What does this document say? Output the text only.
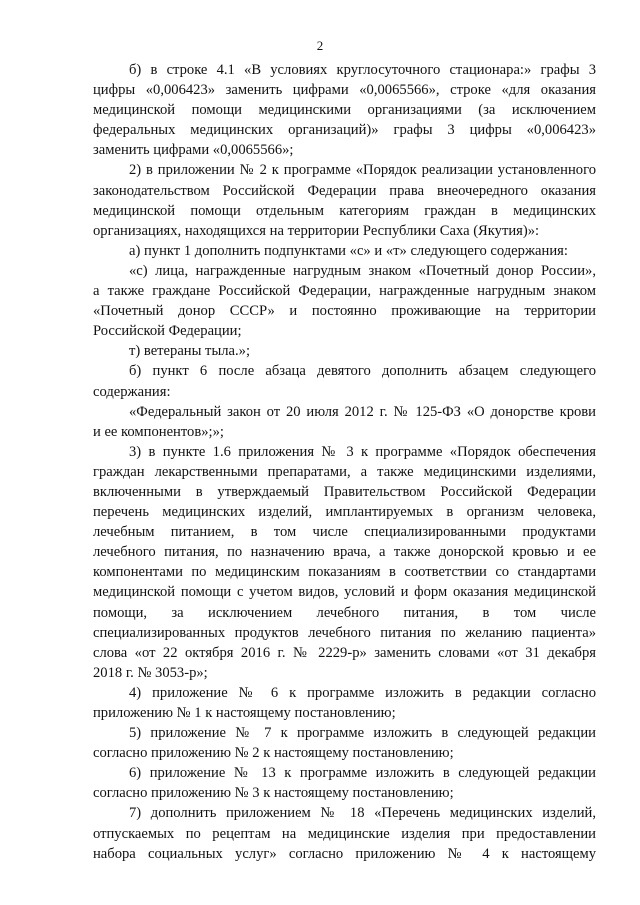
2
б) в строке 4.1 «В условиях круглосуточного стационара:» графы 3
цифры «0,006423» заменить цифрами «0,0065566», строке «для оказания
медицинской помощи медицинскими организациями (за исключением
федеральных медицинских организаций)» графы 3 цифры «0,006423»
заменить цифрами «0,0065566»;
2) в приложении № 2 к программе «Порядок реализации установленного
законодательством Российской Федерации права внеочередного оказания
медицинской помощи отдельным категориям граждан в медицинских
организациях, находящихся на территории Республики Саха (Якутия)»:
а) пункт 1 дополнить подпунктами «с» и «т» следующего содержания:
«с) лица, награжденные нагрудным знаком «Почетный донор России»,
а также граждане Российской Федерации, награжденные нагрудным знаком
«Почетный донор СССР» и постоянно проживающие на территории
Российской Федерации;
т) ветераны тыла.»;
б) пункт 6 после абзаца девятого дополнить абзацем следующего
содержания:
«Федеральный закон от 20 июля 2012 г. № 125-ФЗ «О донорстве крови
и ее компонентов»;»;
3) в пункте 1.6 приложения № 3 к программе «Порядок обеспечения
граждан лекарственными препаратами, а также медицинскими изделиями,
включенными в утверждаемый Правительством Российской Федерации
перечень медицинских изделий, имплантируемых в организм человека,
лечебным питанием, в том числе специализированными продуктами
лечебного питания, по назначению врача, а также донорской кровью и ее
компонентами по медицинским показаниям в соответствии со стандартами
медицинской помощи с учетом видов, условий и форм оказания медицинской
помощи, за исключением лечебного питания, в том числе
специализированных продуктов лечебного питания по желанию пациента»
слова «от 22 октября 2016 г. № 2229-р» заменить словами «от 31 декабря
2018 г. № 3053-р»;
4) приложение № 6 к программе изложить в редакции согласно
приложению № 1 к настоящему постановлению;
5) приложение № 7 к программе изложить в следующей редакции
согласно приложению № 2 к настоящему постановлению;
6) приложение № 13 к программе изложить в следующей редакции
согласно приложению № 3 к настоящему постановлению;
7) дополнить приложением № 18 «Перечень медицинских изделий,
отпускаемых по рецептам на медицинские изделия при предоставлении
набора социальных услуг» согласно приложению № 4 к настоящему
